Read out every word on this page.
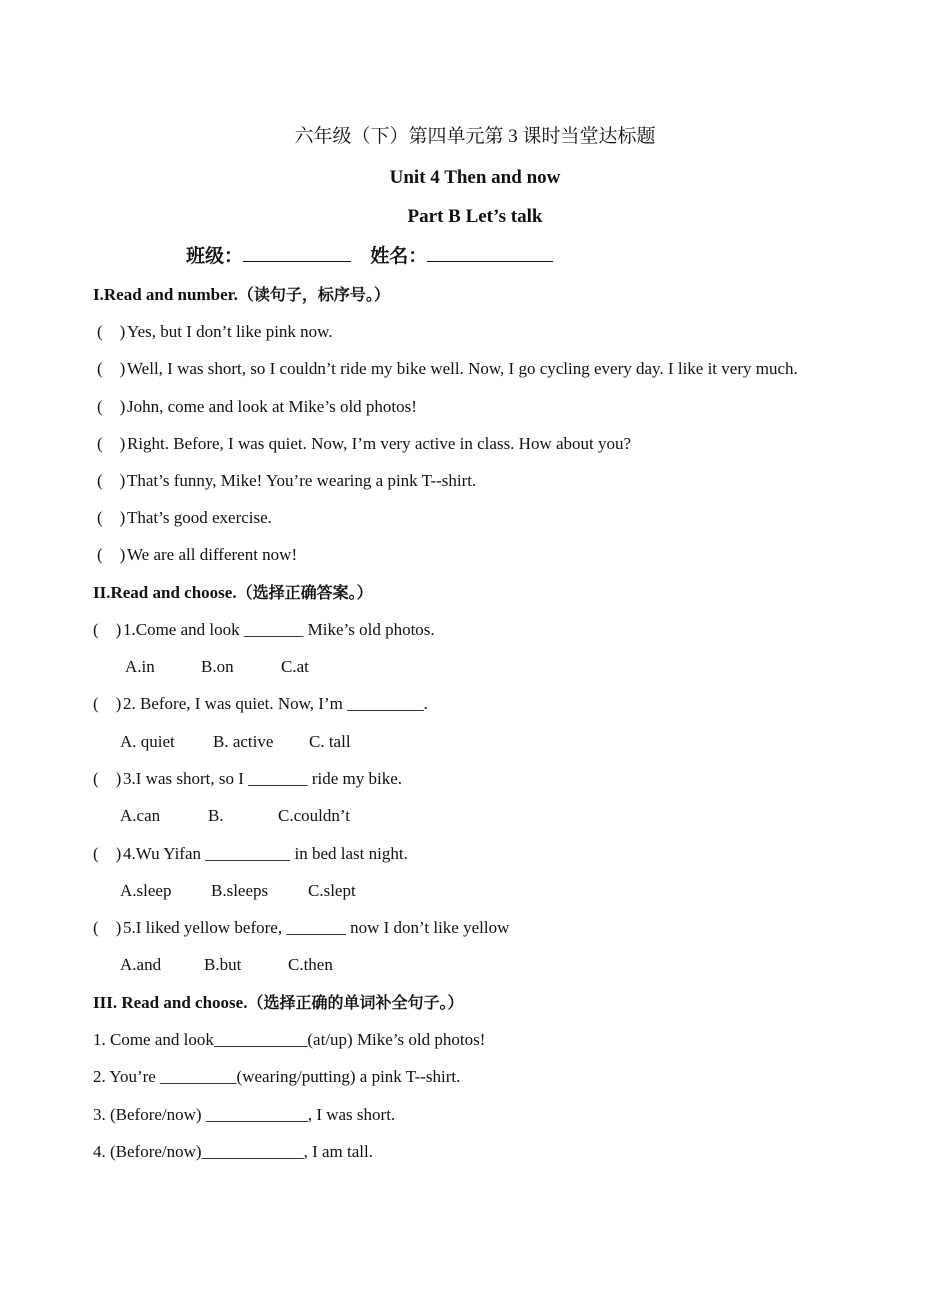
六年级（下）第四单元第 3 课时当堂达标题
Unit 4 Then and now
Part B Let’s talk
班级：	姓名：
I.Read and number.（读句子，标序号。）
(    )Yes, but I don’t like pink now.
(    )Well, I was short, so I couldn’t ride my bike well. Now, I go cycling every day. I like it very much.
(    )John, come and look at Mike’s old photos!
(    )Right. Before, I was quiet. Now, I’m very active in class. How about you?
(    )That’s funny, Mike! You’re wearing a pink T--shirt.
(    )That’s good exercise.
(    )We are all different now!
II.Read and choose.（选择正确答案。）
(    )1.Come and look _______ Mike’s old photos.
A.in	B.on	C.at
(    )2. Before, I was quiet. Now, I’m _________.
A. quiet B. active C. tall
(    )3.I was short, so I _______ ride my bike.
A.can	B.	C.couldn’t
(    )4.Wu Yifan __________ in bed last night.
A.sleep B.sleeps C.slept
(    )5.I liked yellow before, _______ now I don’t like yellow
A.and	B.but	C.then
III. Read and choose.（选择正确的单词补全句子。）
1. Come and look___________(at/up) Mike’s old photos!
2. You’re _________(wearing/putting) a pink T--shirt.
3. (Before/now) ____________, I was short.
4. (Before/now)____________, I am tall.
